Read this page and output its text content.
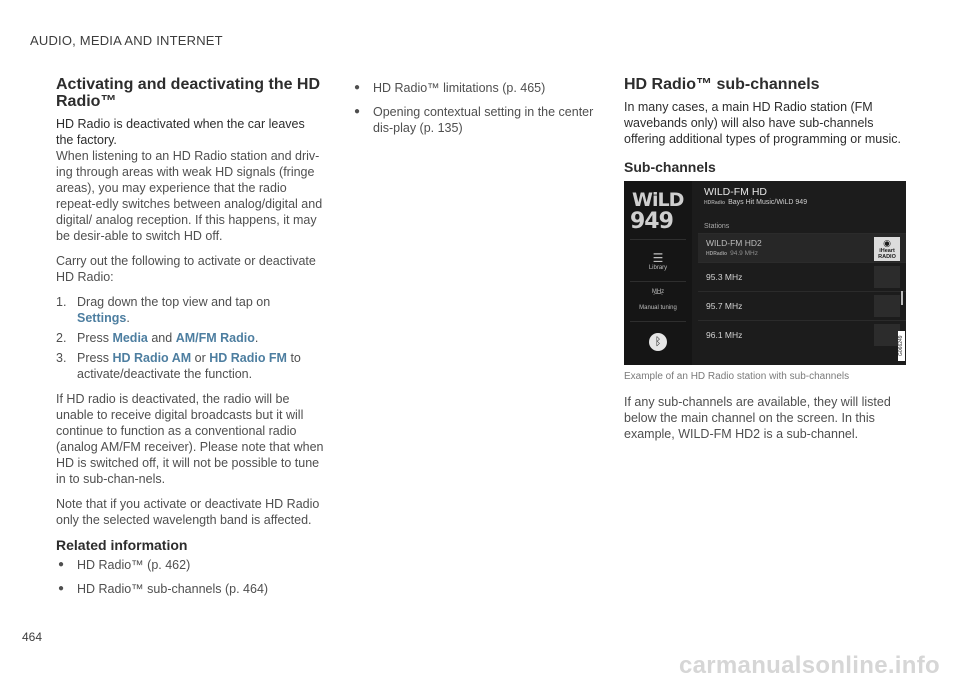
AUDIO, MEDIA AND INTERNET
Activating and deactivating the HD Radio™
HD Radio is deactivated when the car leaves the factory.

When listening to an HD Radio station and driv-ing through areas with weak HD signals (fringe areas), you may experience that the radio repeat-edly switches between analog/digital and digital/ analog reception. If this happens, it may be desir-able to switch HD off.

Carry out the following to activate or deactivate HD Radio:

1. Drag down the top view and tap on Settings.
2. Press Media and AM/FM Radio.
3. Press HD Radio AM or HD Radio FM to activate/deactivate the function.

If HD radio is deactivated, the radio will be unable to receive digital broadcasts but it will continue to function as a conventional radio (analog AM/FM receiver). Please note that when HD is switched off, it will not be possible to tune in to sub-chan-nels.

Note that if you activate or deactivate HD Radio only the selected wavelength band is affected.

Related information
● HD Radio™ (p. 462)
● HD Radio™ sub-channels (p. 464)
● HD Radio™ limitations (p. 465)
● Opening contextual setting in the center dis-play (p. 135)
HD Radio™ sub-channels

In many cases, a main HD Radio station (FM wavebands only) will also have sub-channels offering additional types of programming or music.

Sub-channels
WiLD
949
☰
Library
MHz
⌒
Manual tuning
ᛒ
WILD-FM HD
HDRadio Bays Hit Music/WiLD 949
Stations
WILD-FM HD2
HDRadio 94.9 MHz
◉
iHeart
RADIO
95.3 MHz
95.7 MHz
96.1 MHz
G066249
Example of an HD Radio station with sub-channels

If any sub-channels are available, they will listed below the main channel on the screen. In this example, WILD-FM HD2 is a sub-channel.

464
carmanualsonline.info
